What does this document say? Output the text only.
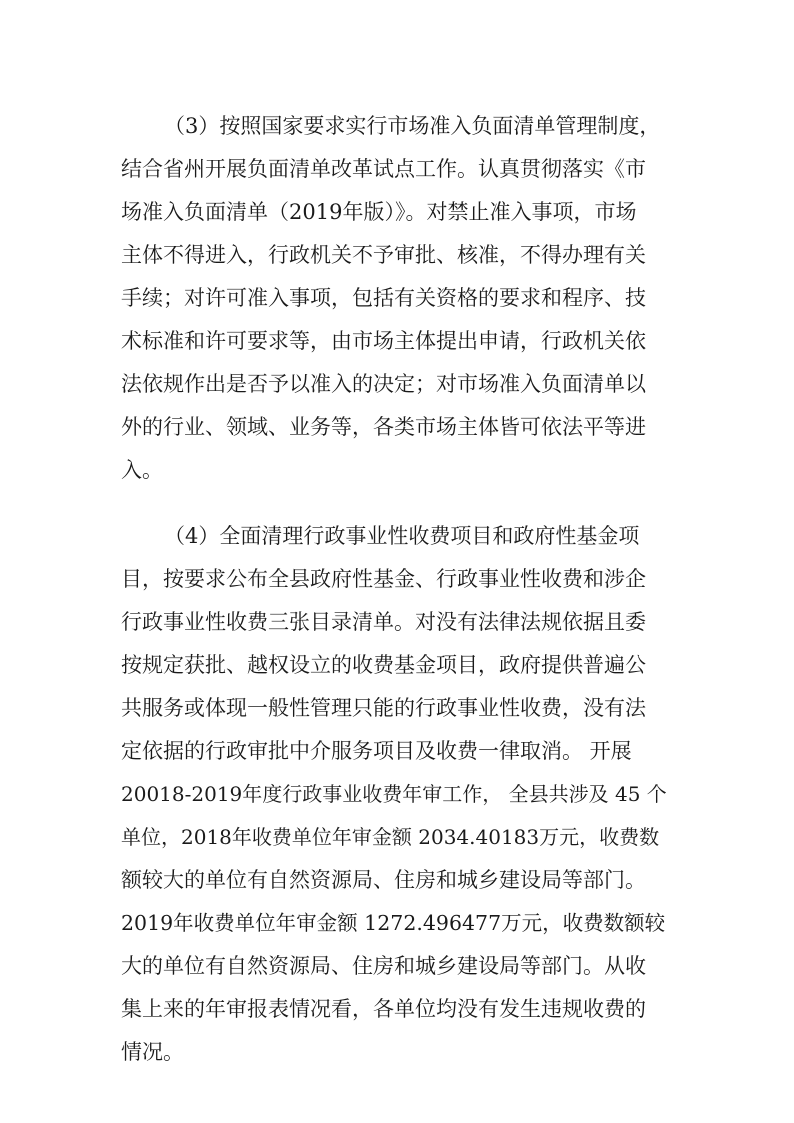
（3）按照国家要求实行市场准入负面清单管理制度，
结合省州开展负面清单改革试点工作。认真贯彻落实《市
场准入负面清单（2019年版）》。对禁止准入事项，市场
主体不得进入，行政机关不予审批、核准，不得办理有关
手续；对许可准入事项，包括有关资格的要求和程序、技
术标准和许可要求等，由市场主体提出申请，行政机关依
法依规作出是否予以准入的决定；对市场准入负面清单以
外的行业、领域、业务等，各类市场主体皆可依法平等进
入。
（4）全面清理行政事业性收费项目和政府性基金项
目，按要求公布全县政府性基金、行政事业性收费和涉企
行政事业性收费三张目录清单。对没有法律法规依据且委
按规定获批、越权设立的收费基金项目，政府提供普遍公
共服务或体现一般性管理只能的行政事业性收费，没有法
定依据的行政审批中介服务项目及收费一律取消。 开展
20018-2019年度行政事业收费年审工作， 全县共涉及 45 个
单位，2018年收费单位年审金额 2034.40183万元，收费数
额较大的单位有自然资源局、住房和城乡建设局等部门。
2019年收费单位年审金额 1272.496477万元，收费数额较
大的单位有自然资源局、住房和城乡建设局等部门。从收
集上来的年审报表情况看，各单位均没有发生违规收费的
情况。
